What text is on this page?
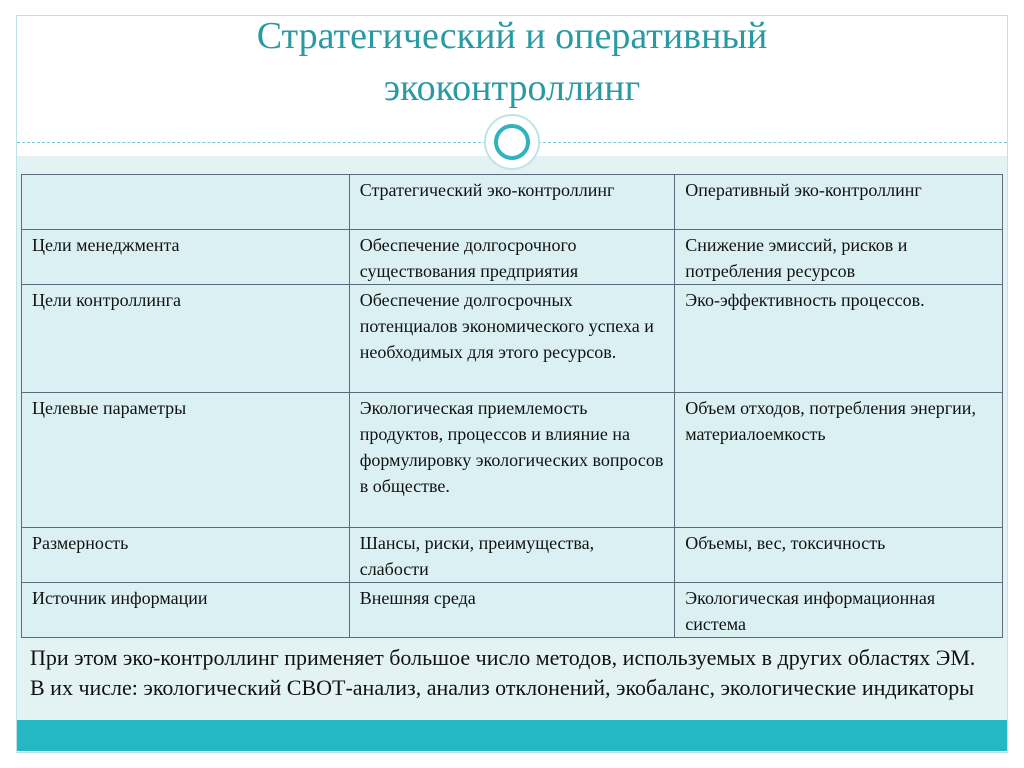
Стратегический и оперативный
экоконтроллинг
	Стратегический эко-контроллинг	Оперативный эко-контроллинг
Цели менеджмента	Обеспечение долгосрочного существования предприятия	Снижение эмиссий, рисков и потребления ресурсов
Цели контроллинга	Обеспечение долгосрочных потенциалов экономического успеха и необходимых для этого ресурсов.	Эко-эффективность процессов.
Целевые параметры	Экологическая приемлемость продуктов, процессов и влияние на формулировку экологических вопросов в обществе.	Объем отходов, потребления энергии, материалоемкость
Размерность	Шансы, риски, преимущества, слабости	Объемы, вес, токсичность
Источник информации	Внешняя среда	Экологическая информационная система
При этом эко-контроллинг применяет большое число методов, используемых в других областях ЭМ. В их числе: экологический СВОТ-анализ, анализ отклонений, экобаланс, экологические индикаторы
